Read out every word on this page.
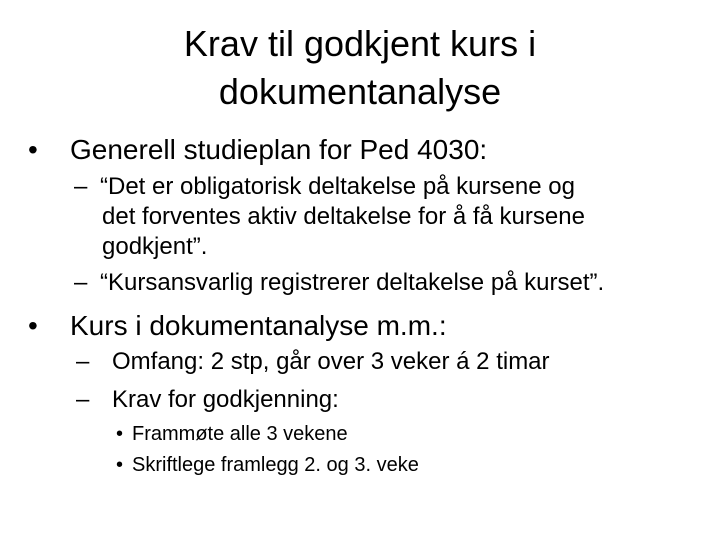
Krav til godkjent kurs i
dokumentanalyse
• Generell studieplan for Ped 4030:
– “Det er obligatorisk deltakelse på kursene og
det forventes aktiv deltakelse for å få kursene
godkjent”.
– “Kursansvarlig registrerer deltakelse på kurset”.
• Kurs i dokumentanalyse m.m.:
– Omfang: 2 stp, går over 3 veker á 2 timar
– Krav for godkjenning:
• Frammøte alle 3 vekene
• Skriftlege framlegg 2. og 3. veke
